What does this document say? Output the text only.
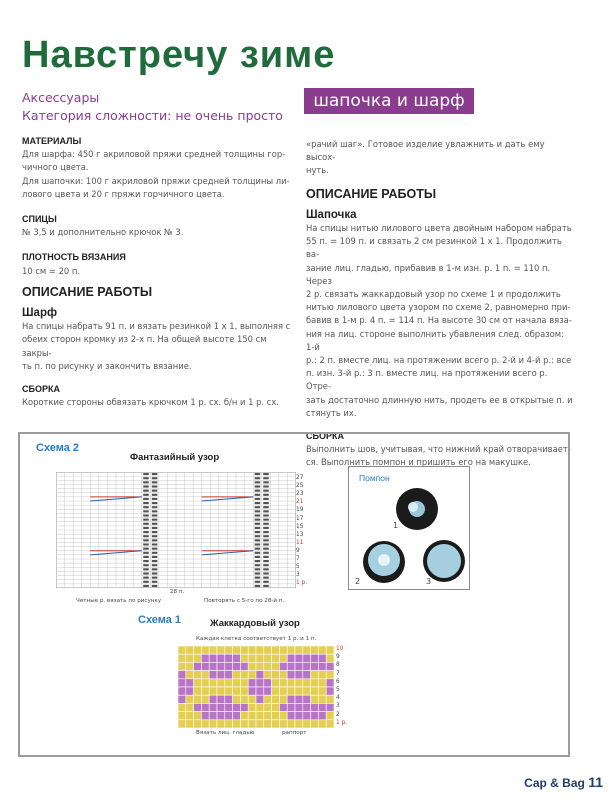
Навстречу зиме
Аксессуары
Категория сложности: не очень просто
шапочка и шарф
МАТЕРИАЛЫ

Для шарфа: 450 г акриловой пряжи средней толщины гор-

чичного цвета.

Для шапочки: 100 г акриловой пряжи средней толщины ли-

лового цвета и 20 г пряжи горчичного цвета.

СПИЦЫ

№ 3,5 и дополнительно крючок № 3.

ПЛОТНОСТЬ ВЯЗАНИЯ

10 см = 20 п.

ОПИСАНИЕ РАБОТЫ
Шарф

На спицы набрать 91 п. и вязать резинкой 1 х 1, выполняя с

обеих сторон кромку из 2-х п. На общей высоте 150 см закры-

ть п. по рисунку и закончить вязание.

СБОРКА

Короткие стороны обвязать крючком 1 р. сх. б/н и 1 р. сх.

«рачий шаг». Готовое изделие увлажнить и дать ему высох-

нуть.

ОПИСАНИЕ РАБОТЫ
Шапочка

На спицы нитью лилового цвета двойным набором набрать

55 п. = 109 п. и связать 2 см резинкой 1 х 1. Продолжить ва-

зание лиц. гладью, прибавив в 1-м изн. р. 1 п. = 110 п. Через

2 р. связать жаккардовый узор по схеме 1 и продолжить

нитью лилового цвета узором по схеме 2, равномерно при-

бавив в 1-м р. 4 п. = 114 п. На высоте 30 см от начала вяза-

ния на лиц. стороне выполнить убавления след. образом: 1-й

р.: 2 п. вместе лиц. на протяжении всего р. 2-й и 4-й р.: все

п. изн. 3-й р.: 3 п. вместе лиц. на протяжении всего р. Отре-

зать достаточно длинную нить, продеть ее в открытые п. и

стянуть их.

СБОРКА

Выполнить шов, учитывая, что нижний край отворачивает-

ся. Выполнить помпон и пришить его на макушке.

Схема 2
Фантазийный узор
27
25
23
21
19
17
15
13
11
9
7
5
3
1 р.
28 п.
Четные р. вязать по рисунку	Повторять с 5-го по 28-й п.
Помпон
1
2	3
Схема 1	Жаккардовый узор
Каждая клетка соответствует 1 р. и 1 п.
10
9
8
7
6
5
4
3
2
1 р.
Вязать лиц. гладью	раппорт
Cap & Bag 11
